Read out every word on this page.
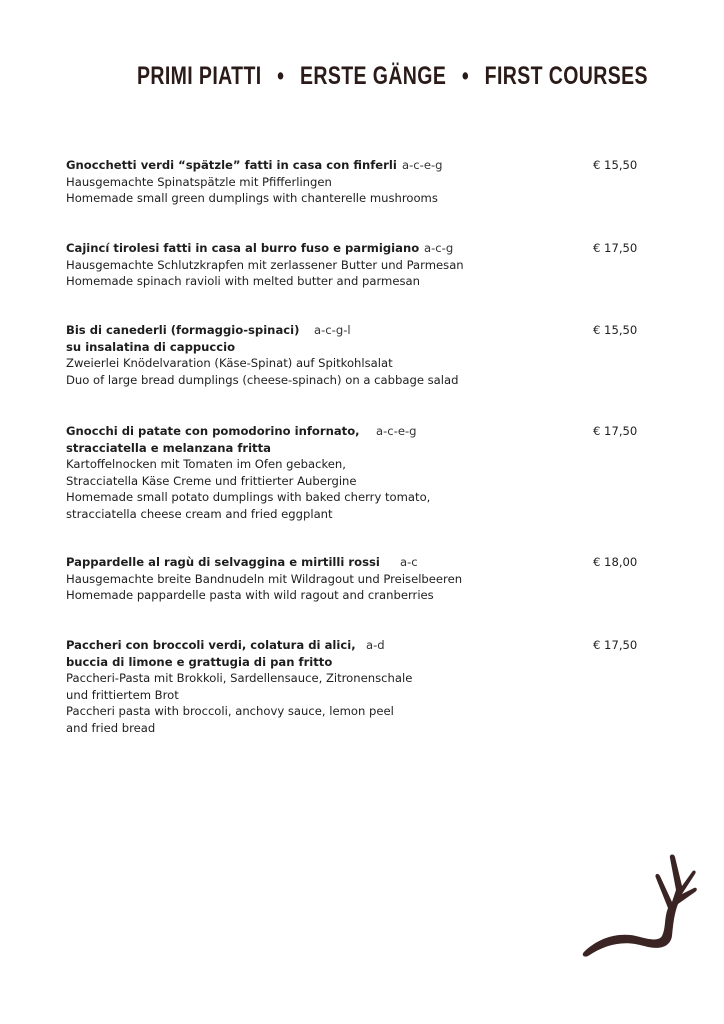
PRIMI PIATTI • ERSTE GÄNGE • FIRST COURSES
Gnocchetti verdi “spätzle” fatti in casa con finferli
Hausgemachte Spinatspätzle mit Pfifferlingen
Homemade small green dumplings with chanterelle mushrooms
a-c-e-g	€ 15,50
Cajincí tirolesi fatti in casa al burro fuso e parmigiano
Hausgemachte Schlutzkrapfen mit zerlassener Butter und Parmesan
Homemade spinach ravioli with melted butter and parmesan
a-c-g	€ 17,50
Bis di canederli (formaggio-spinaci)
su insalatina di cappuccio
Zweierlei Knödelvaration (Käse-Spinat) auf Spitkohlsalat
Duo of large bread dumplings (cheese-spinach) on a cabbage salad
a-c-g-l	€ 15,50
Gnocchi di patate con pomodorino infornato,
stracciatella e melanzana fritta
Kartoffelnocken mit Tomaten im Ofen gebacken,
Stracciatella Käse Creme und frittierter Aubergine
Homemade small potato dumplings with baked cherry tomato,
stracciatella cheese cream and fried eggplant
a-c-e-g	€ 17,50
Pappardelle al ragù di selvaggina e mirtilli rossi
Hausgemachte breite Bandnudeln mit Wildragout und Preiselbeeren
Homemade pappardelle pasta with wild ragout and cranberries
a-c	€ 18,00
Paccheri con broccoli verdi, colatura di alici,
buccia di limone e grattugia di pan fritto
Paccheri-Pasta mit Brokkoli, Sardellensauce, Zitronenschale
und frittiertem Brot
Paccheri pasta with broccoli, anchovy sauce, lemon peel
and fried bread
a-d	€ 17,50
